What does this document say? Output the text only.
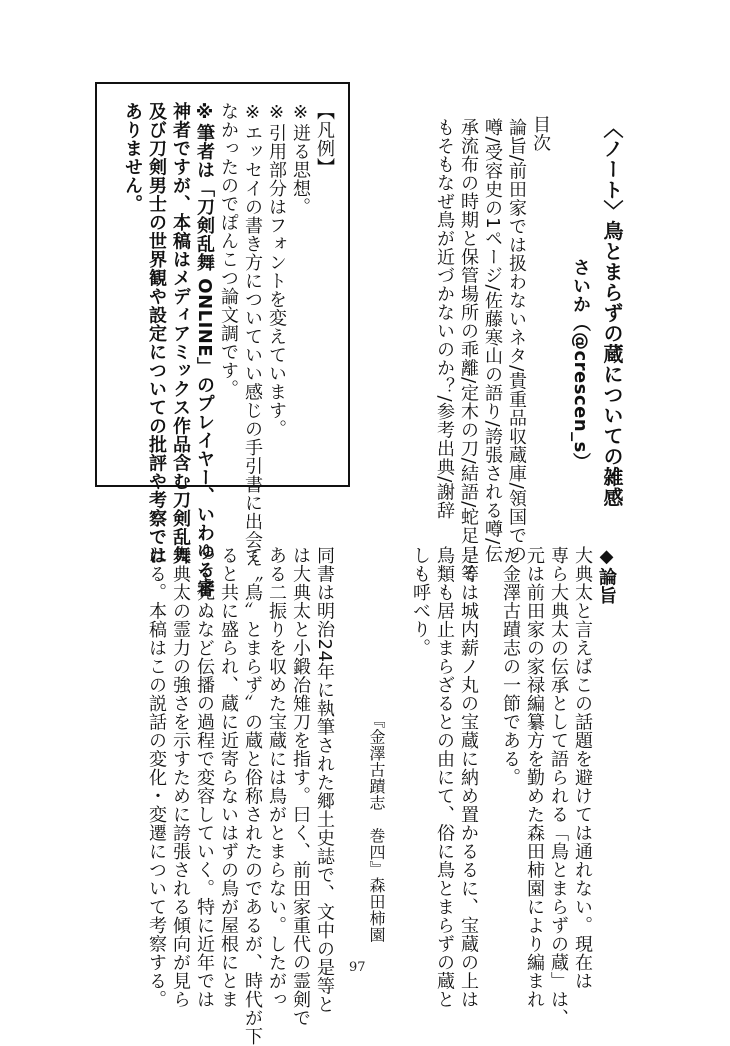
〈ノート〉鳥とまらずの蔵についての雑感
さいか（@crescen_s）
目次
論旨/前田家では扱わないネタ/貴重品収蔵庫/領国での
噂/受容史の1ページ/佐藤寒山の語り/誇張される噂/伝
承流布の時期と保管場所の乖離/定木の刀/結語/蛇足：そ
もそもなぜ鳥が近づかないのか？/参考出典/謝辞
【凡例】
※迸る思想。
※引用部分はフォントを変えています。
※エッセイの書き方についていい感じの手引書に出会え
なかったのでぽんこつ論文調です。
※筆者は「刀剣乱舞 ONLINE」のプレイヤー、いわゆる審
神者ですが、本稿はメディアミックス作品含む刀剣乱舞
及び刀剣男士の世界観や設定についての批評や考察では
ありません。
◆論旨
大典太と言えばこの話題を避けては通れない。現在は
専ら大典太の伝承として語られる「鳥とまらずの蔵」は、
元は前田家の家禄編纂方を勤めた森田柿園により編まれ
た金澤古蹟志の一節である。
是等は城内薪ノ丸の宝蔵に納め置かるるに、宝蔵の上は
鳥類も居止まらざるとの由にて、俗に鳥とまらずの蔵と
しも呼べり。
『金澤古蹟志　巻四』森田柿園
同書は明治24年に執筆された郷土史誌で、文中の是等と
は大典太と小鍛冶雉刀を指す。曰く、前田家重代の霊剣で
ある二振りを収めた宝蔵には鳥がとまらない。したがっ
て〝鳥〟とまらず〟の蔵と俗称されたのであるが、時代が下
ると共に盛られ、蔵に近寄らないはずの鳥が屋根にとま
って死ぬなど伝播の過程で変容していく。特に近年では
大典太の霊力の強さを示すために誇張される傾向が見ら
れる。本稿はこの説話の変化・変遷について考察する。	97
